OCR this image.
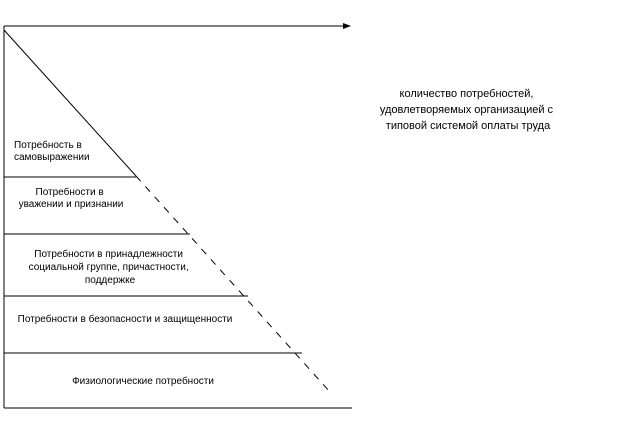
Потребность в самовыражении
Потребности в уважении и признании
Потребности в принадлежности социальной группе, причастности, поддержке
Потребности в безопасности и защищенности
Физиологические потребности
количество потребностей, удовлетворяемых организацией с типовой системой оплаты труда
